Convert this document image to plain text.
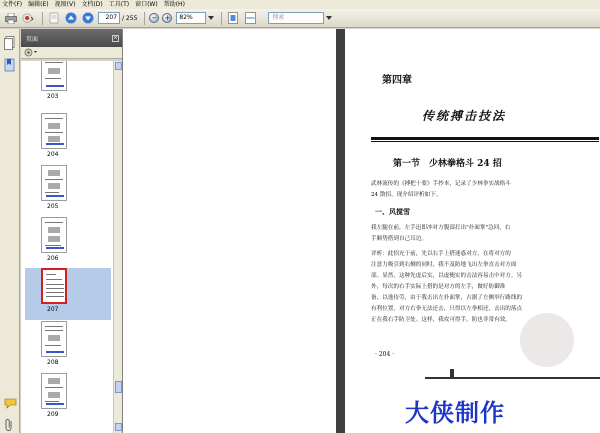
文件(F) 编辑(E) 视图(V) 文档(D) 工具(T) 窗口(W) 帮助(H)
207 / 255 − +	82%	搜索
页面	×
203
204
205
206
207
208
209
第四章
传统搏击技法
第一节　少林拳格斗 24 招
武林流传的《搏把十要》手抄本，记录了少林拳实战格斗
24 散招，现介绍评析如下。
一、风搅雪
我左腿在前，左手迅即冲对方腹部打出"扑面掌"急回，右
手顺势搭到自己耳边。
评析：此招充于前，先以右手上搭迷惑对方，在将对方的
注意力吸引到右侧的同时，我不及防地飞出左拳直击对方面
部。显然，这种先虚后实，以虚掩实的击法容易击中对方。另
外，每次的右手实际上搭的是对方的左手，做好防御准
备，以逸待劳，由于我击出左扑面掌，占据了左侧举行路线的
有利位置，对方右拳无法还击，只得以左拳相还，击出的落点
正在我右手防卫处。这样，我攻可得手，防也非常有效。
· 204 ·
大侠制作
